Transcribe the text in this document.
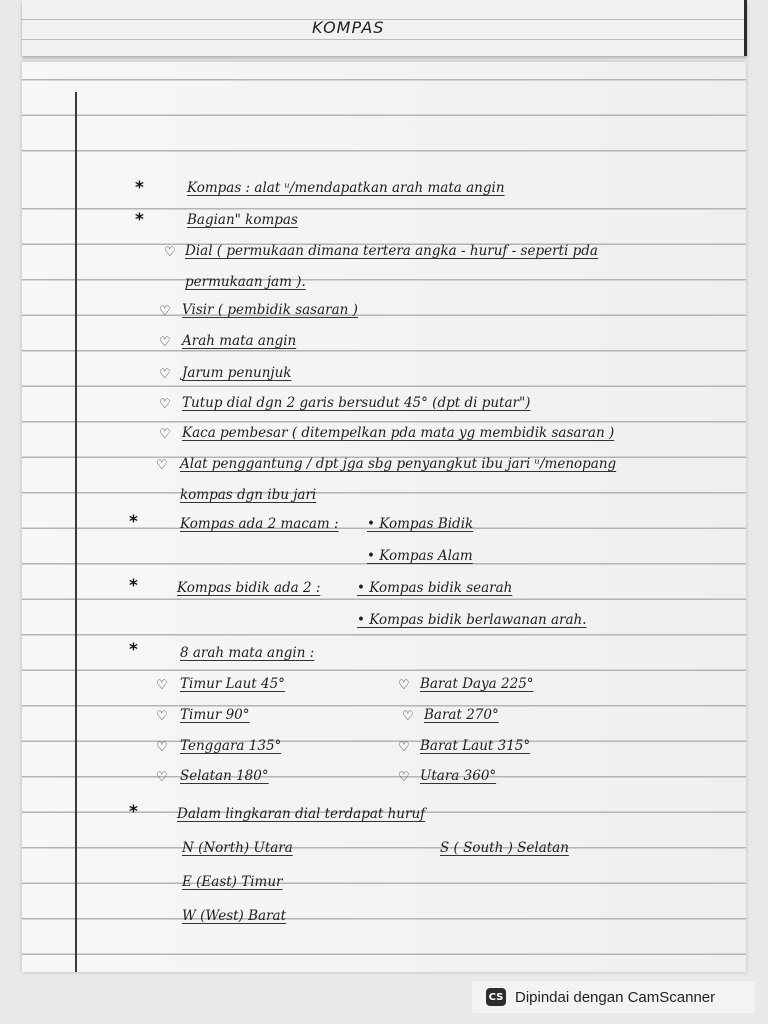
KOMPAS
*
*
*
*
*
*
♡
♡
♡
♡
♡
♡
♡
♡	♡
♡	♡
♡	♡
♡	♡
Kompas : alat ᵘ/mendapatkan arah mata angin
Bagian" kompas
Dial ( permukaan dimana tertera angka - huruf - seperti pda
permukaan jam ).
Visir ( pembidik sasaran )
Arah mata angin
Jarum penunjuk
Tutup dial dgn 2 garis bersudut 45° (dpt di putar")
Kaca pembesar ( ditempelkan pda mata yg membidik sasaran )
Alat penggantung / dpt jga sbg penyangkut ibu jari ᵘ/menopang
kompas dgn ibu jari
Kompas ada 2 macam : • Kompas Bidik
• Kompas Alam
Kompas bidik ada 2 :	• Kompas bidik searah
• Kompas bidik berlawanan arah.
8 arah mata angin :
Timur Laut 45°	Barat Daya 225°
Timur 90°	Barat 270°
Tenggara 135°	Barat Laut 315°
Selatan 180°	Utara 360°
Dalam lingkaran dial terdapat huruf
N (North) Utara	S ( South ) Selatan
E (East) Timur
W (West) Barat
CS Dipindai dengan CamScanner
